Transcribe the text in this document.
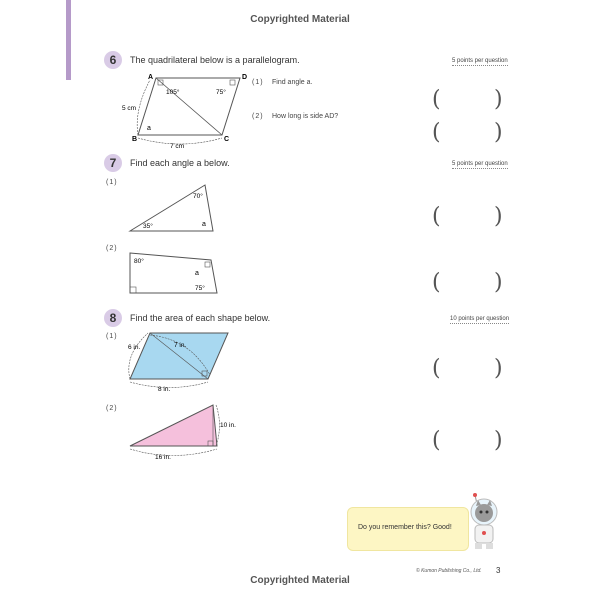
Copyrighted Material
6	The quadrilateral below is a parallelogram.	5 points per question
A	D
B	C
105°	75°
5 cm
7 cm
a
(1) Find angle a.
(2) How long is side AD?
( )
( )
7	Find each angle a below.	5 points per question
(1)
70°
35°	a	( )
(2)
80°
75°
a	( )
8	Find the area of each shape below.	10 points per question
(1)
6 in.	7 in.
8 in.
( )
(2)
10 in.
16 in.
( )
Do you remember this? Good!
© Kumon Publishing Co., Ltd. 3
Copyrighted Material
